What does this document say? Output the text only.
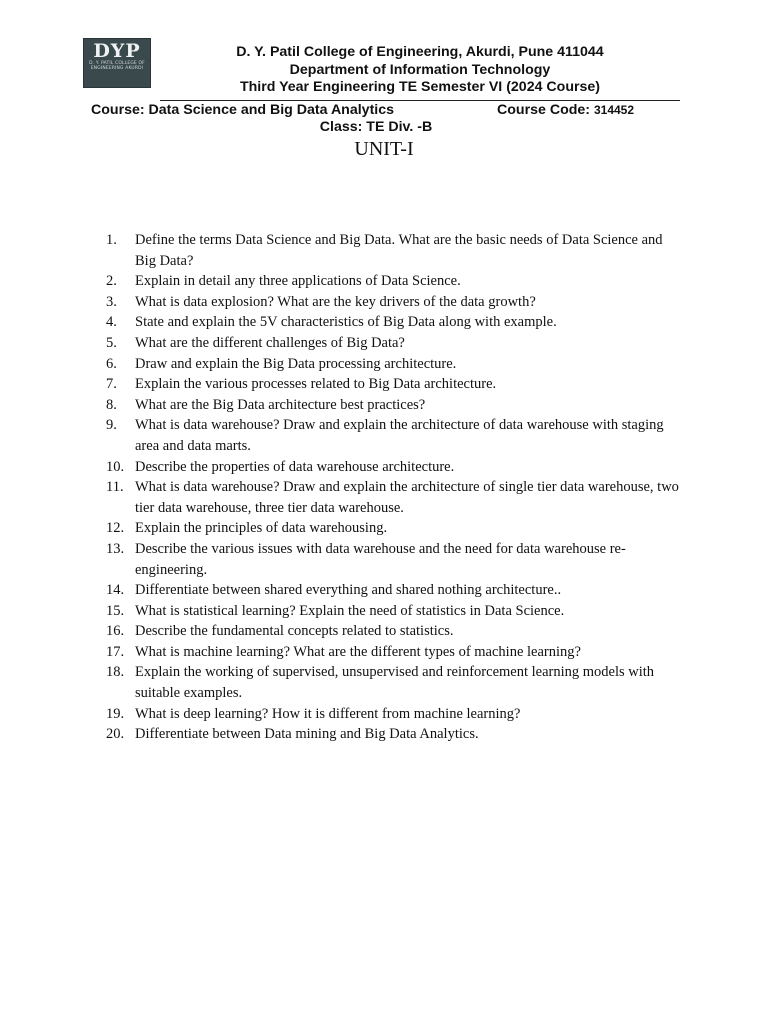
DYP
D. Y. PATIL COLLEGE OF ENGINEERING AKURDI
D. Y. Patil College of Engineering, Akurdi, Pune 411044
Department of Information Technology
Third Year Engineering TE Semester VI (2024 Course)
Course: Data Science and Big Data Analytics	Course Code: 314452
Class: TE Div. -B
UNIT-I
1. Define the terms Data Science and Big Data. What are the basic needs of Data Science and Big Data?
2. Explain in detail any three applications of Data Science.
3. What is data explosion? What are the key drivers of the data growth?
4. State and explain the 5V characteristics of Big Data along with example.
5. What are the different challenges of Big Data?
6. Draw and explain the Big Data processing architecture.
7. Explain the various processes related to Big Data architecture.
8. What are the Big Data architecture best practices?
9. What is data warehouse? Draw and explain the architecture of data warehouse with staging area and data marts.
10. Describe the properties of data warehouse architecture.
11. What is data warehouse? Draw and explain the architecture of single tier data warehouse, two tier data warehouse, three tier data warehouse.
12. Explain the principles of data warehousing.
13. Describe the various issues with data warehouse and the need for data warehouse re-engineering.
14. Differentiate between shared everything and shared nothing architecture..
15. What is statistical learning? Explain the need of statistics in Data Science.
16. Describe the fundamental concepts related to statistics.
17. What is machine learning? What are the different types of machine learning?
18. Explain the working of supervised, unsupervised and reinforcement learning models with suitable examples.
19. What is deep learning? How it is different from machine learning?
20. Differentiate between Data mining and Big Data Analytics.
